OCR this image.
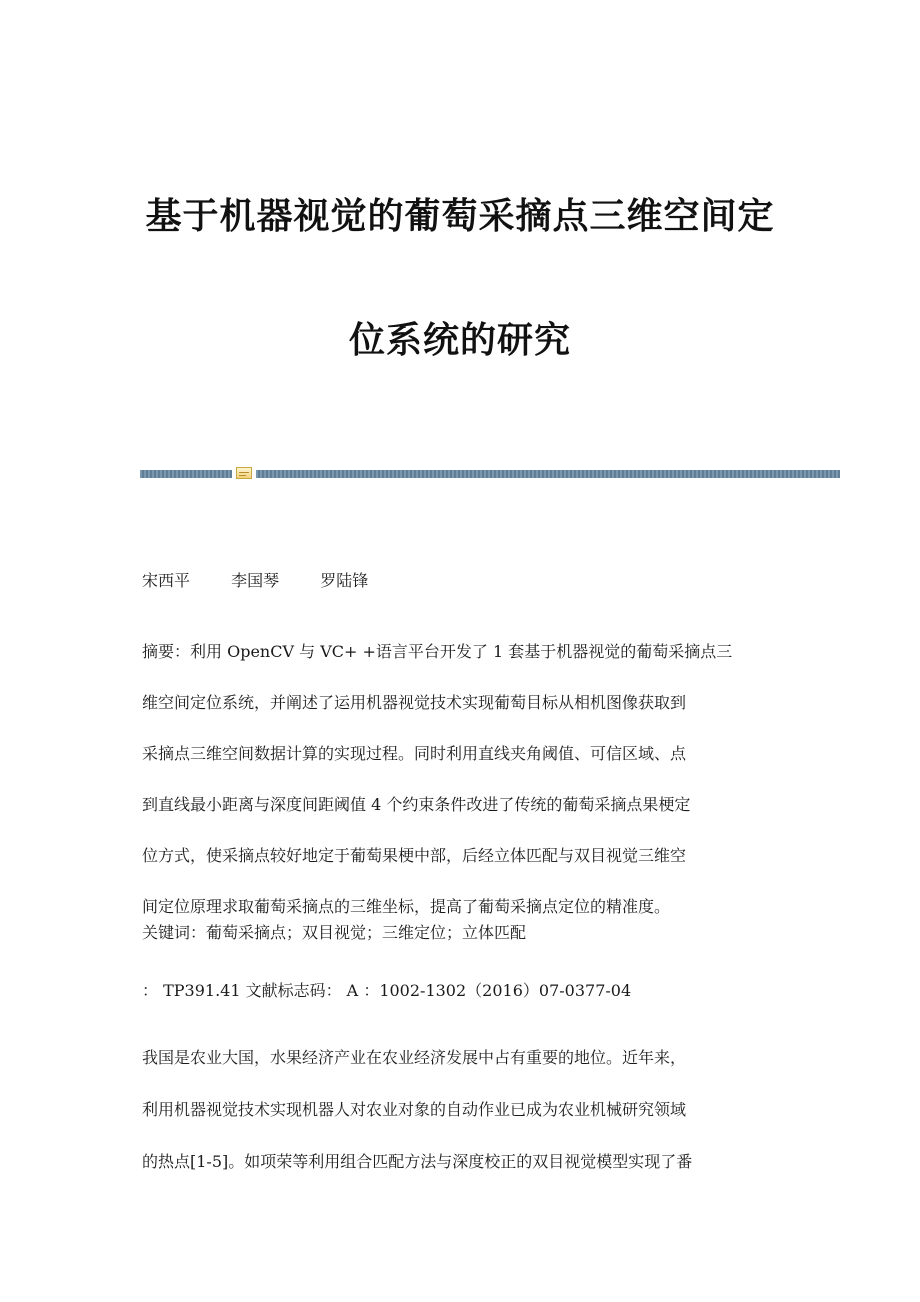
基于机器视觉的葡萄采摘点三维空间定
位系统的研究
宋西平	李国琴	罗陆锋
摘要：利用 OpenCV 与 VC+ +语言平台开发了 1 套基于机器视觉的葡萄采摘点三
维空间定位系统，并阐述了运用机器视觉技术实现葡萄目标从相机图像获取到
采摘点三维空间数据计算的实现过程。同时利用直线夹角阈值、可信区域、点
到直线最小距离与深度间距阈值 4 个约束条件改进了传统的葡萄采摘点果梗定
位方式，使采摘点较好地定于葡萄果梗中部，后经立体匹配与双目视觉三维空
间定位原理求取葡萄采摘点的三维坐标，提高了葡萄采摘点定位的精准度。
关键词：葡萄采摘点；双目视觉；三维定位；立体匹配
： TP391.41 文献标志码： A ：1002-1302（2016）07-0377-04
我国是农业大国，水果经济产业在农业经济发展中占有重要的地位。近年来，
利用机器视觉技术实现机器人对农业对象的自动作业已成为农业机械研究领域
的热点[1-5]。如项荣等利用组合匹配方法与深度校正的双目视觉模型实现了番
